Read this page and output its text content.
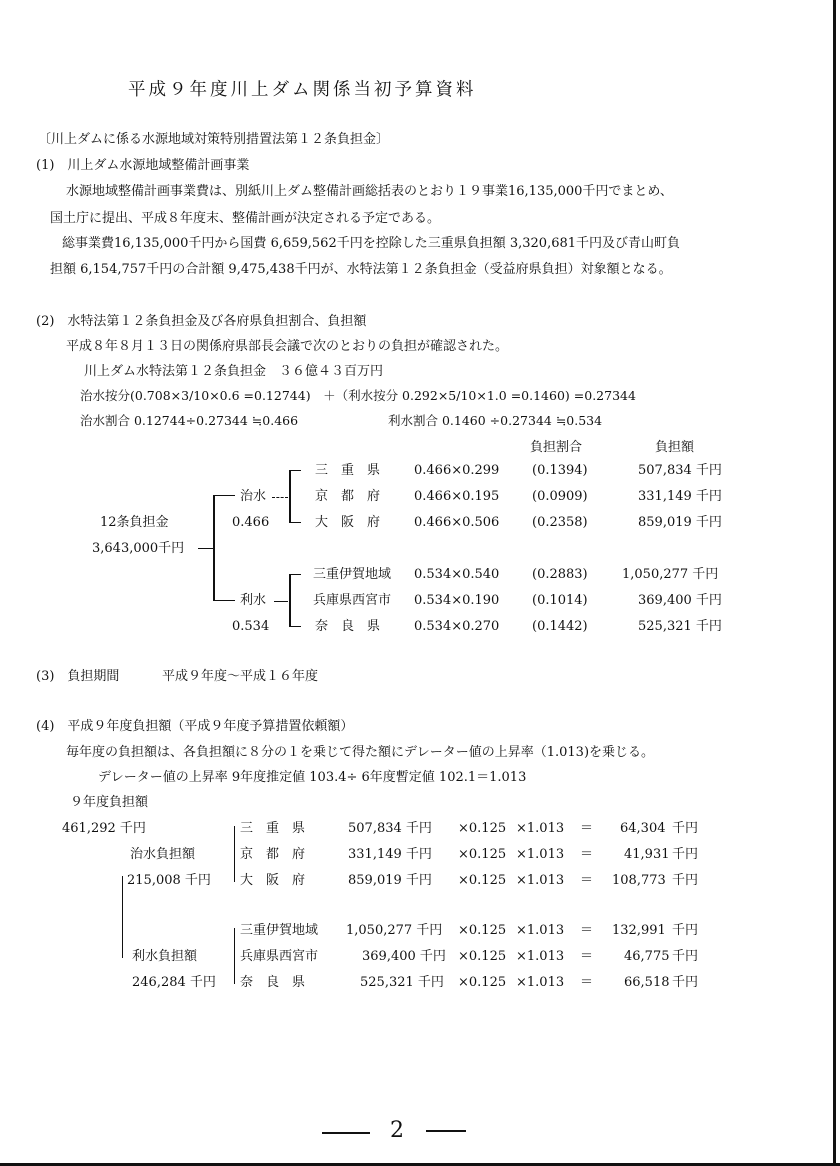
平成９年度川上ダム関係当初予算資料
〔川上ダムに係る水源地域対策特別措置法第１２条負担金〕
(1)　川上ダム水源地域整備計画事業
水源地域整備計画事業費は、別紙川上ダム整備計画総括表のとおり１９事業16,135,000千円でまとめ、
国土庁に提出、平成８年度末、整備計画が決定される予定である。
総事業費16,135,000千円から国費 6,659,562千円を控除した三重県負担額 3,320,681千円及び青山町負
担額 6,154,757千円の合計額 9,475,438千円が、水特法第１２条負担金（受益府県負担）対象額となる。
(2)　水特法第１２条負担金及び各府県負担割合、負担額
平成８年８月１３日の関係府県部長会議で次のとおりの負担が確認された。
川上ダム水特法第１２条負担金　３６億４３百万円
治水按分(0.708×3/10×0.6 =0.12744)　＋（利水按分 0.292×5/10×1.0 =0.1460) =0.27344
治水割合 0.12744÷0.27344 ≒0.466	利水割合 0.1460 ÷0.27344 ≒0.534
負担割合	負担額
12条負担金
3,643,000千円
治水
0.466
利水
0.534
三　重　県	0.466×0.299	(0.1394)	507,834 千円
京　都　府	0.466×0.195	(0.0909)	331,149 千円
大　阪　府	0.466×0.506	(0.2358)	859,019 千円
三重伊賀地域 0.534×0.540	(0.2883)	1,050,277 千円
兵庫県西宮市 0.534×0.190	(0.1014)	369,400 千円
奈　良　県	0.534×0.270	(0.1442)	525,321 千円
(3)　負担期間	平成９年度～平成１６年度
(4)　平成９年度負担額（平成９年度予算措置依頼額）
毎年度の負担額は、各負担額に８分の１を乗じて得た額にデレーター値の上昇率（1.013)を乗じる。
デレーター値の上昇率 9年度推定値 103.4÷ 6年度暫定値 102.1＝1.013
９年度負担額
461,292 千円
治水負担額
215,008 千円
利水負担額
246,284 千円
三　重　県	507,834 千円 ×0.125 ×1.013 ＝ 64,304 千円
京　都　府	331,149 千円 ×0.125 ×1.013 ＝ 41,931 千円
大　阪　府	859,019 千円 ×0.125 ×1.013 ＝ 108,773 千円
三重伊賀地域 1,050,277 千円 ×0.125 ×1.013 ＝ 132,991 千円
兵庫県西宮市	369,400 千円 ×0.125 ×1.013 ＝ 46,775 千円
奈　良　県	525,321 千円 ×0.125 ×1.013 ＝ 66,518 千円
2
